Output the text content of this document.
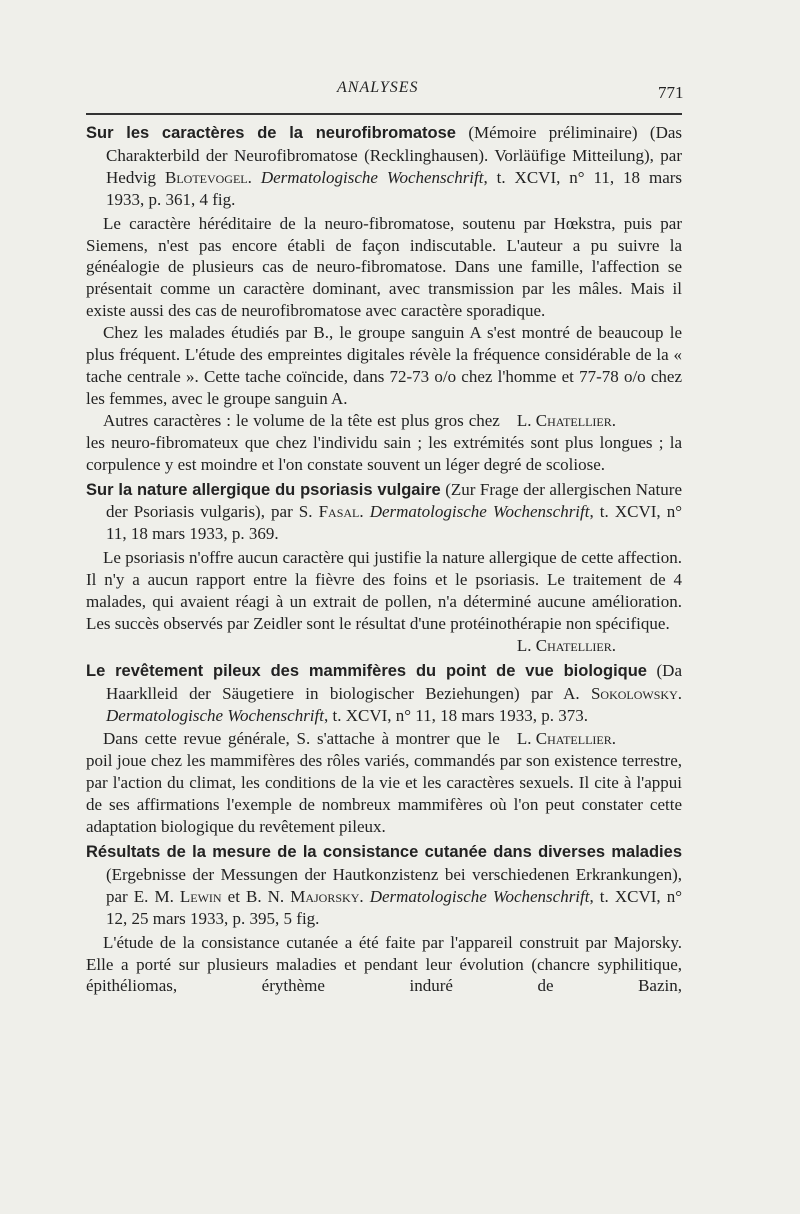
ANALYSES	771

Sur les caractères de la neurofibromatose (Mémoire préliminaire) (Das Charakterbild der Neurofibromatose (Recklinghausen). Vorläüfige Mitteilung), par Hedvig Blotevogel. Dermatologische Wochenschrift, t. XCVI, n° 11, 18 mars 1933, p. 361, 4 fig.

Le caractère héréditaire de la neuro-fibromatose, soutenu par Hœkstra, puis par Siemens, n'est pas encore établi de façon indiscutable. L'auteur a pu suivre la généalogie de plusieurs cas de neuro-fibromatose. Dans une famille, l'affection se présentait comme un caractère dominant, avec transmission par les mâles. Mais il existe aussi des cas de neurofibromatose avec caractère sporadique.

Chez les malades étudiés par B., le groupe sanguin A s'est montré de beaucoup le plus fréquent. L'étude des empreintes digitales révèle la fréquence considérable de la « tache centrale ». Cette tache coïncide, dans 72-73 o/o chez l'homme et 77-78 o/o chez les femmes, avec le groupe sanguin A.

L. Chatellier.
Autres caractères : le volume de la tête est plus gros chez les neuro-fibromateux que chez l'individu sain ; les extrémités sont plus longues ; la corpulence y est moindre et l'on constate souvent un léger degré de scoliose.

Sur la nature allergique du psoriasis vulgaire (Zur Frage der allergischen Nature der Psoriasis vulgaris), par S. Fasal. Dermatologische Wochenschrift, t. XCVI, n° 11, 18 mars 1933, p. 369.

Le psoriasis n'offre aucun caractère qui justifie la nature allergique de cette affection. Il n'y a aucun rapport entre la fièvre des foins et le psoriasis. Le traitement de 4 malades, qui avaient réagi à un extrait de pollen, n'a déterminé aucune amélioration. Les succès observés par Zeidler sont le résultat d'une protéinothérapie non spécifique.

L. Chatellier.

Le revêtement pileux des mammifères du point de vue biologique (Da Haarklleid der Säugetiere in biologischer Beziehungen) par A. Sokolowsky. Dermatologische Wochenschrift, t. XCVI, n° 11, 18 mars 1933, p. 373.

L. Chatellier.
Dans cette revue générale, S. s'attache à montrer que le poil joue chez les mammifères des rôles variés, commandés par son existence terrestre, par l'action du climat, les conditions de la vie et les caractères sexuels. Il cite à l'appui de ses affirmations l'exemple de nombreux mammifères où l'on peut constater cette adaptation biologique du revêtement pileux.

Résultats de la mesure de la consistance cutanée dans diverses maladies (Ergebnisse der Messungen der Hautkonzistenz bei verschiedenen Erkrankungen), par E. M. Lewin et B. N. Majorsky. Dermatologische Wochenschrift, t. XCVI, n° 12, 25 mars 1933, p. 395, 5 fig.

L'étude de la consistance cutanée a été faite par l'appareil construit par Majorsky. Elle a porté sur plusieurs maladies et pendant leur évolution (chancre syphilitique, épithéliomas, érythème induré de Bazin,
